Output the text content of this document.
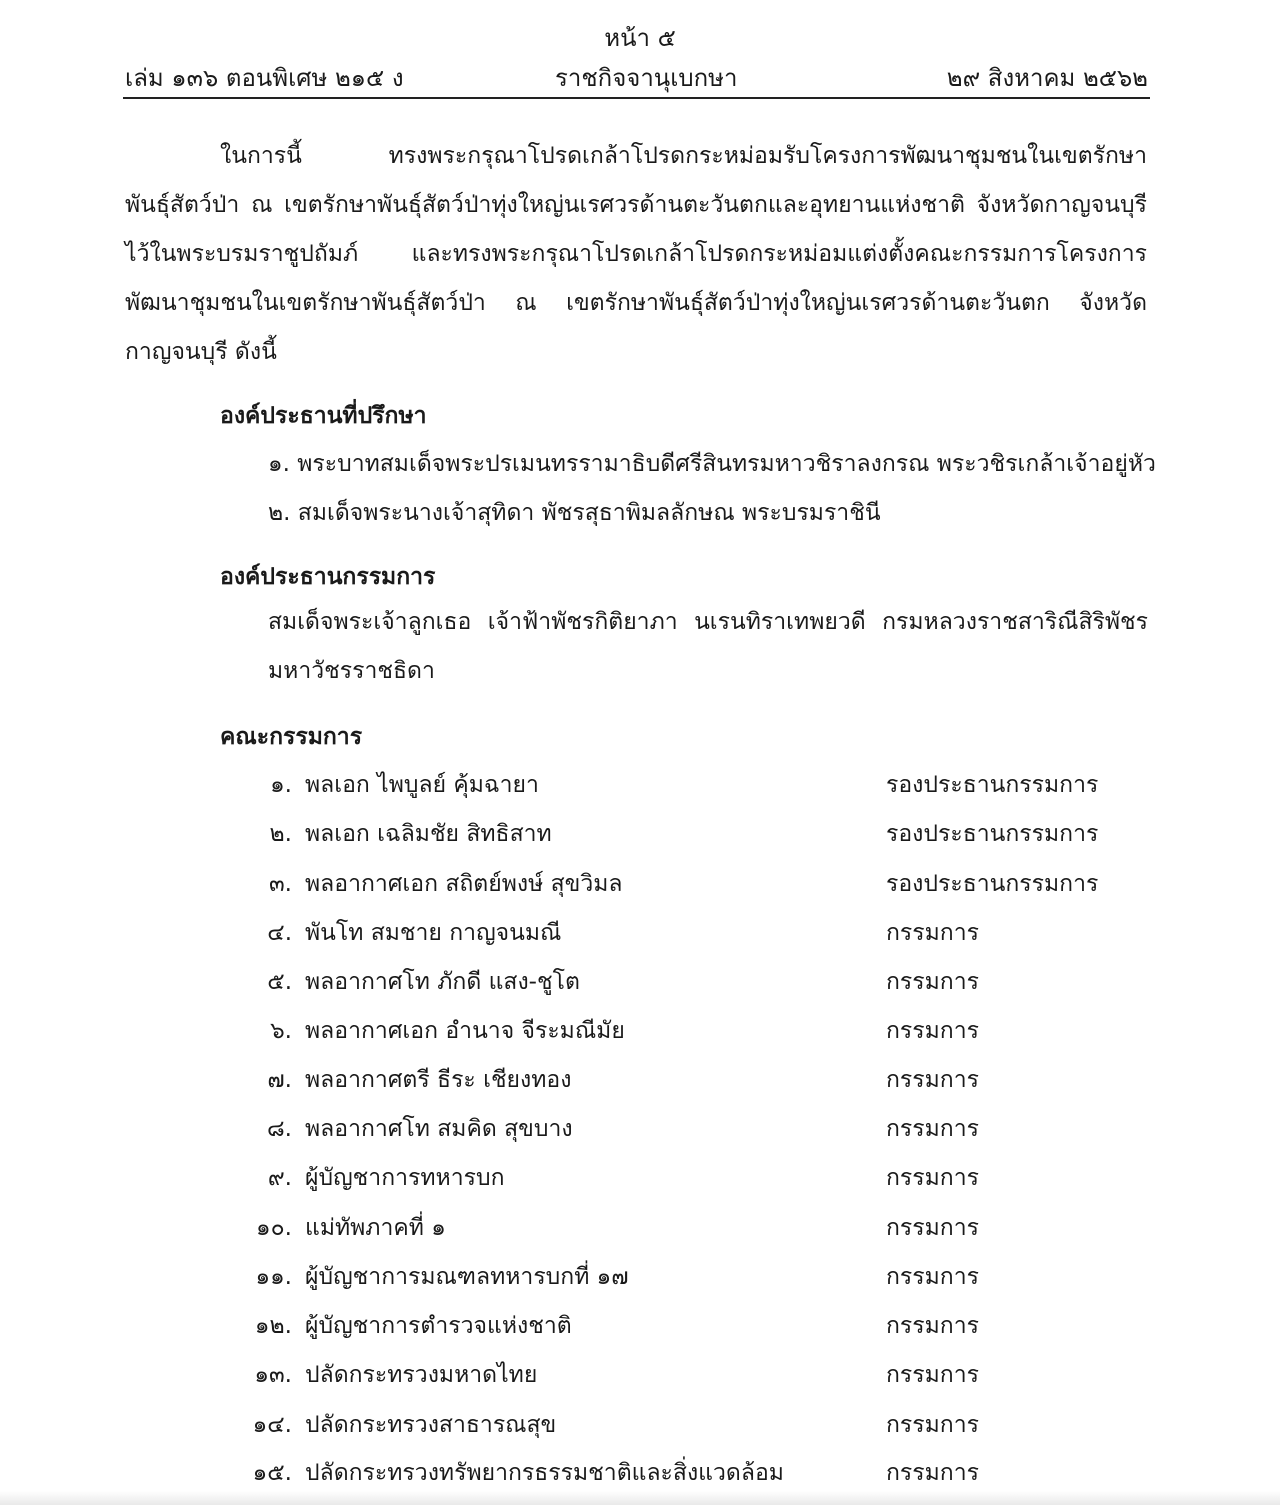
หน้า ๕
เล่ม ๑๓๖ ตอนพิเศษ ๒๑๕ ง	ราชกิจจานุเบกษา	๒๙ สิงหาคม ๒๕๖๒
ในการนี้ ทรงพระกรุณาโปรดเกล้าโปรดกระหม่อมรับโครงการพัฒนาชุมชนในเขตรักษา
พันธุ์สัตว์ป่า ณ เขตรักษาพันธุ์สัตว์ป่าทุ่งใหญ่นเรศวรด้านตะวันตกและอุทยานแห่งชาติ จังหวัดกาญจนบุรี
ไว้ในพระบรมราชูปถัมภ์ และทรงพระกรุณาโปรดเกล้าโปรดกระหม่อมแต่งตั้งคณะกรรมการโครงการ
พัฒนาชุมชนในเขตรักษาพันธุ์สัตว์ป่า ณ เขตรักษาพันธุ์สัตว์ป่าทุ่งใหญ่นเรศวรด้านตะวันตก จังหวัด
กาญจนบุรี ดังนี้
องค์ประธานที่ปรึกษา
๑. พระบาทสมเด็จพระปรเมนทรรามาธิบดีศรีสินทรมหาวชิราลงกรณ พระวชิรเกล้าเจ้าอยู่หัว
๒. สมเด็จพระนางเจ้าสุทิดา พัชรสุธาพิมลลักษณ พระบรมราชินี
องค์ประธานกรรมการ
สมเด็จพระเจ้าลูกเธอ เจ้าฟ้าพัชรกิติยาภา นเรนทิราเทพยวดี กรมหลวงราชสาริณีสิริพัชร
มหาวัชรราชธิดา
คณะกรรมการ
๑. พลเอก ไพบูลย์ คุ้มฉายา	รองประธานกรรมการ
๒. พลเอก เฉลิมชัย สิทธิสาท	รองประธานกรรมการ
๓. พลอากาศเอก สถิตย์พงษ์ สุขวิมล	รองประธานกรรมการ
๔. พันโท สมชาย กาญจนมณี	กรรมการ
๕. พลอากาศโท ภักดี แสง-ชูโต	กรรมการ
๖. พลอากาศเอก อำนาจ จีระมณีมัย	กรรมการ
๗. พลอากาศตรี ธีระ เชียงทอง	กรรมการ
๘. พลอากาศโท สมคิด สุขบาง	กรรมการ
๙. ผู้บัญชาการทหารบก	กรรมการ
๑๐. แม่ทัพภาคที่ ๑	กรรมการ
๑๑. ผู้บัญชาการมณฑลทหารบกที่ ๑๗	กรรมการ
๑๒. ผู้บัญชาการตำรวจแห่งชาติ	กรรมการ
๑๓. ปลัดกระทรวงมหาดไทย	กรรมการ
๑๔. ปลัดกระทรวงสาธารณสุข	กรรมการ
๑๕. ปลัดกระทรวงทรัพยากรธรรมชาติและสิ่งแวดล้อม	กรรมการ
